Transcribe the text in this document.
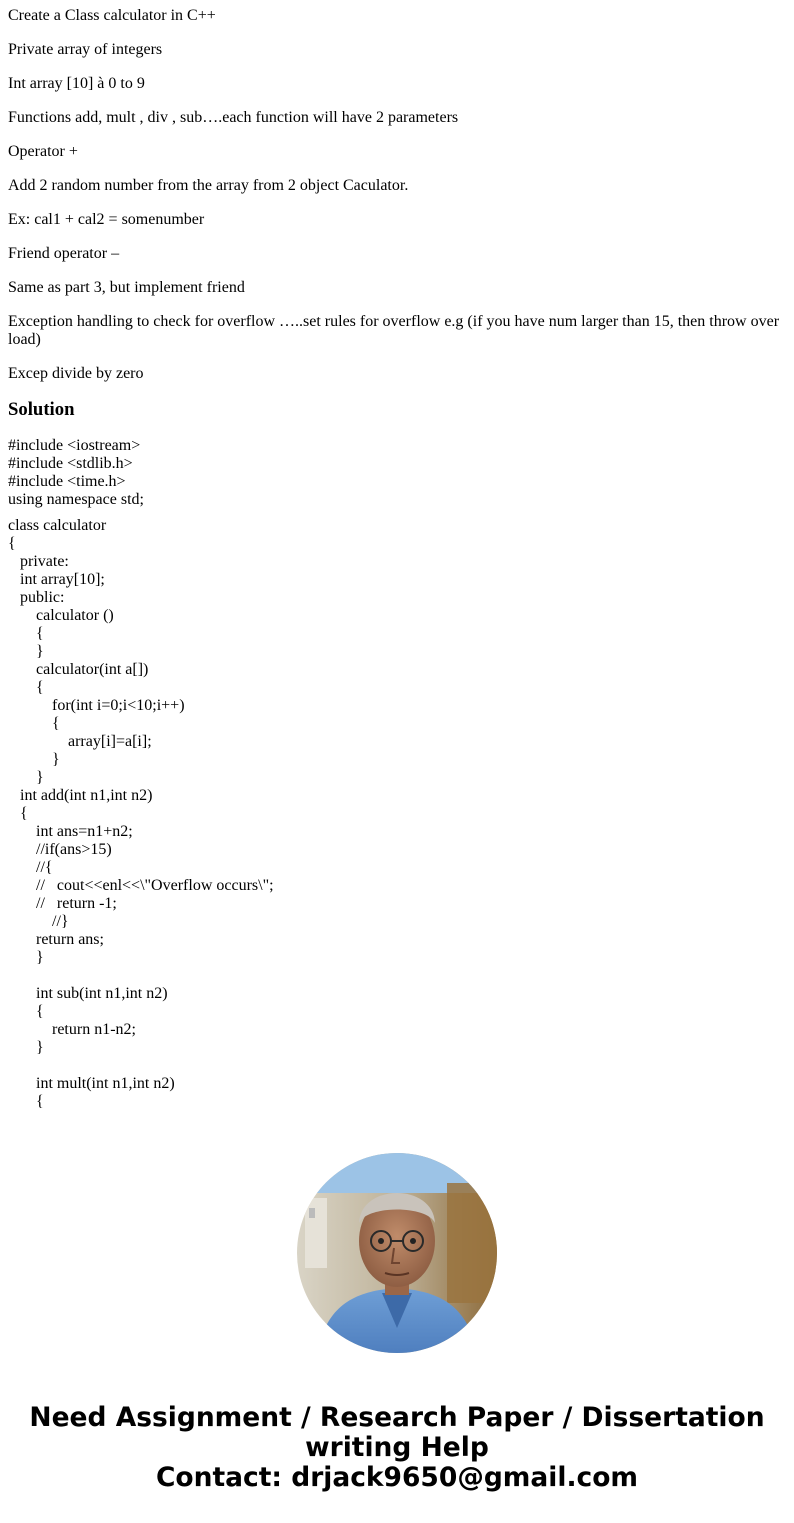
Create a Class calculator in C++

Private array of integers

Int array [10] à 0 to 9

Functions add, mult , div , sub….each function will have 2 parameters

Operator +

Add 2 random number from the array from 2 object Caculator.

Ex: cal1 + cal2 = somenumber

Friend operator –

Same as part 3, but implement friend

Exception handling to check for overflow …..set rules for overflow e.g (if you have num larger than 15, then throw over load)

Excep divide by zero

Solution
#include <iostream>
#include <stdlib.h>
#include <time.h>
using namespace std;
class calculator
{
private:
int array[10];
public:
calculator ()
{
}
calculator(int a[])
{
for(int i=0;i<10;i++)
{
array[i]=a[i];
}
}
int add(int n1,int n2)
{
int ans=n1+n2;
//if(ans>15)
//{
//   cout<<enl<<\"Overflow occurs\";
//   return -1;
//}
return ans;
}

int sub(int n1,int n2)
{
return n1-n2;
}

int mult(int n1,int n2)
{
Need Assignment / Research Paper / Dissertation
writing Help
Contact: drjack9650@gmail.com
